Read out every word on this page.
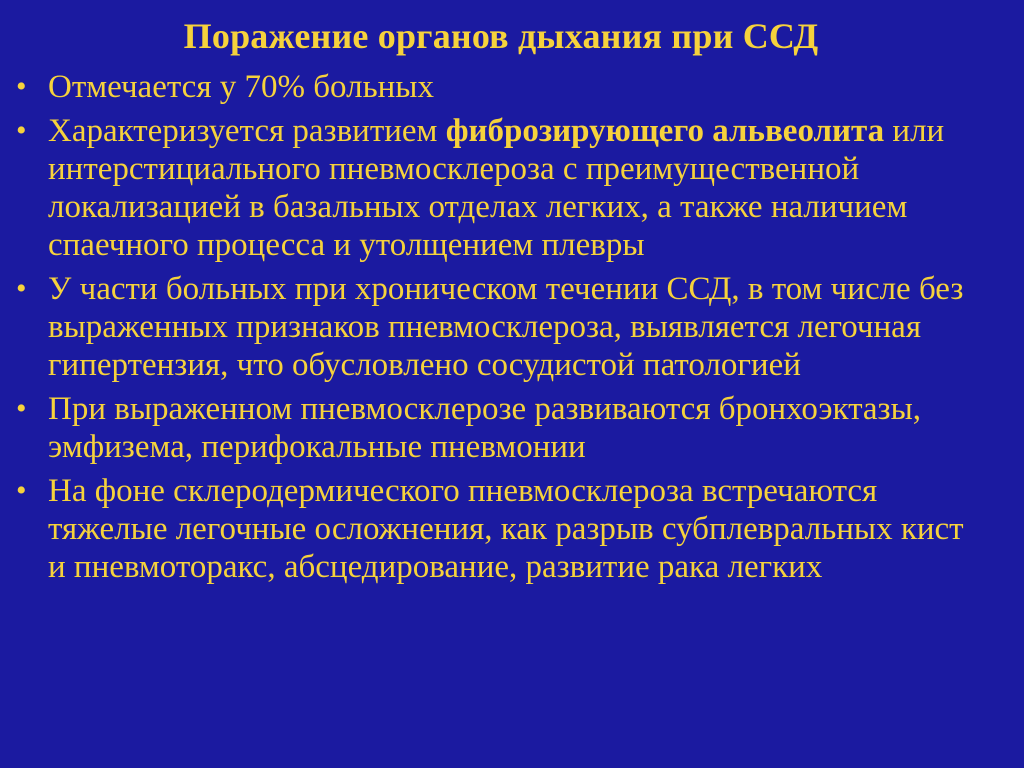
Поражение органов дыхания при ССД
• Отмечается у 70% больных
• Характеризуется развитием фиброзирующего альвеолита или интерстициального пневмосклероза с преимущественной локализацией в базальных отделах легких, а также наличием спаечного процесса и утолщением плевры
• У части больных при хроническом течении ССД, в том числе без выраженных признаков пневмосклероза, выявляется легочная гипертензия, что обусловлено сосудистой патологией
• При выраженном пневмосклерозе развиваются бронхоэктазы, эмфизема, перифокальные пневмонии
• На фоне склеродермического пневмосклероза встречаются тяжелые легочные осложнения, как разрыв субплевральных кист и пневмоторакс, абсцедирование, развитие рака легких
